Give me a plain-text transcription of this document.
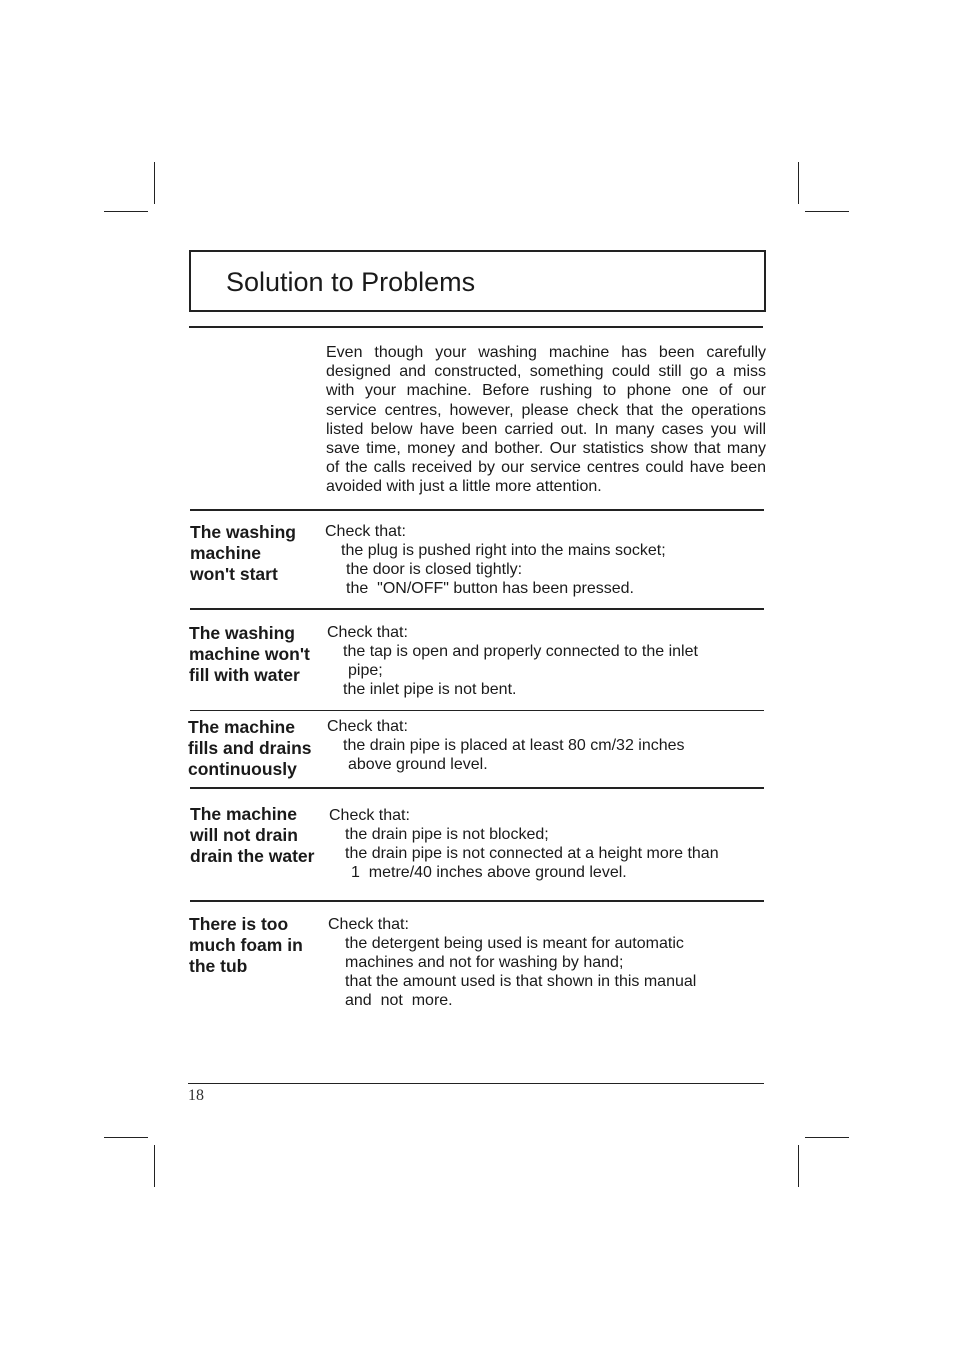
Solution to Problems

Even though your washing machine has been carefully designed and constructed, something could still go a miss with your machine. Before rushing to phone one of our service centres, however, please check that the operations listed below have been carried out. In many cases you will save time, money and bother. Our statistics show that many of the calls received by our service centres could have been avoided with just a little more attention.

The washing
machine
won't start
Check that:
the plug is pushed right into the mains socket;
the door is closed tightly:
the  "ON/OFF" button has been pressed.
The washing
machine won't
fill with water
Check that:
the tap is open and properly connected to the inlet
pipe;
the inlet pipe is not bent.
The machine
fills and drains
continuously
Check that:
the drain pipe is placed at least 80 cm/32 inches
above ground level.
The machine
will not drain
drain the water
Check that:
the drain pipe is not blocked;
the drain pipe is not connected at a height more than
1  metre/40 inches above ground level.
There is too
much foam in
the tub
Check that:
the detergent being used is meant for automatic
machines and not for washing by hand;
that the amount used is that shown in this manual
and  not  more.
18
